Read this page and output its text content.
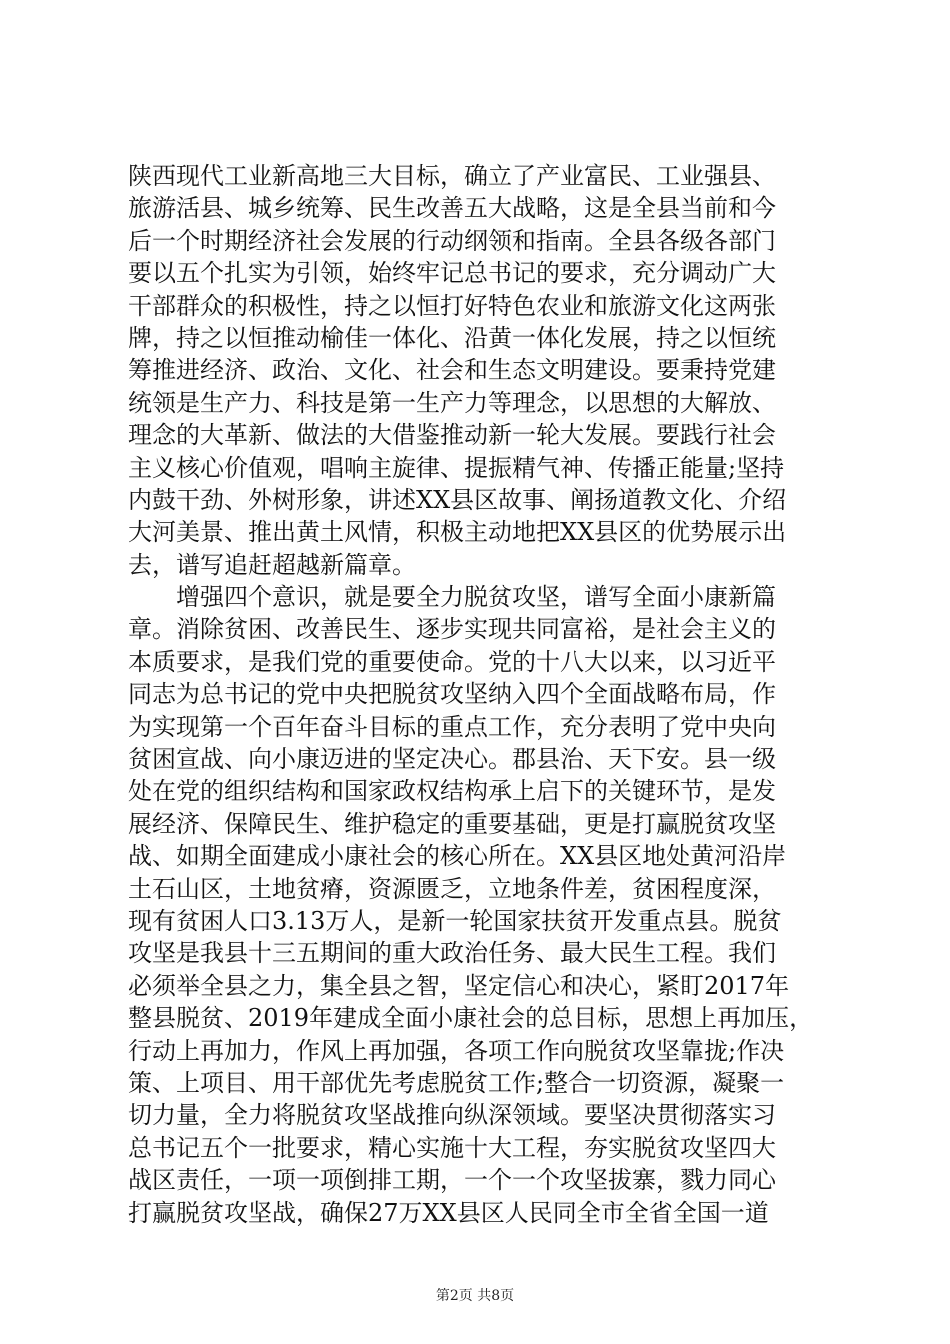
陕西现代工业新高地三大目标，确立了产业富民、工业强县、
旅游活县、城乡统筹、民生改善五大战略，这是全县当前和今
后一个时期经济社会发展的行动纲领和指南。全县各级各部门
要以五个扎实为引领，始终牢记总书记的要求，充分调动广大
干部群众的积极性，持之以恒打好特色农业和旅游文化这两张
牌，持之以恒推动榆佳一体化、沿黄一体化发展，持之以恒统
筹推进经济、政治、文化、社会和生态文明建设。要秉持党建
统领是生产力、科技是第一生产力等理念，以思想的大解放、
理念的大革新、做法的大借鉴推动新一轮大发展。要践行社会
主义核心价值观，唱响主旋律、提振精气神、传播正能量;坚持
内鼓干劲、外树形象，讲述XX县区故事、阐扬道教文化、介绍
大河美景、推出黄土风情，积极主动地把XX县区的优势展示出
去，谱写追赶超越新篇章。
　　增强四个意识，就是要全力脱贫攻坚，谱写全面小康新篇
章。消除贫困、改善民生、逐步实现共同富裕，是社会主义的
本质要求，是我们党的重要使命。党的十八大以来，以习近平
同志为总书记的党中央把脱贫攻坚纳入四个全面战略布局，作
为实现第一个百年奋斗目标的重点工作，充分表明了党中央向
贫困宣战、向小康迈进的坚定决心。郡县治、天下安。县一级
处在党的组织结构和国家政权结构承上启下的关键环节，是发
展经济、保障民生、维护稳定的重要基础，更是打赢脱贫攻坚
战、如期全面建成小康社会的核心所在。XX县区地处黄河沿岸
土石山区，土地贫瘠，资源匮乏，立地条件差，贫困程度深，
现有贫困人口3.13万人，是新一轮国家扶贫开发重点县。脱贫
攻坚是我县十三五期间的重大政治任务、最大民生工程。我们
必须举全县之力，集全县之智，坚定信心和决心，紧盯2017年
整县脱贫、2019年建成全面小康社会的总目标，思想上再加压，
行动上再加力，作风上再加强，各项工作向脱贫攻坚靠拢;作决
策、上项目、用干部优先考虑脱贫工作;整合一切资源，凝聚一
切力量，全力将脱贫攻坚战推向纵深领域。要坚决贯彻落实习
总书记五个一批要求，精心实施十大工程，夯实脱贫攻坚四大
战区责任，一项一项倒排工期，一个一个攻坚拔寨，戮力同心
打赢脱贫攻坚战，确保27万XX县区人民同全市全省全国一道
第2页 共8页
